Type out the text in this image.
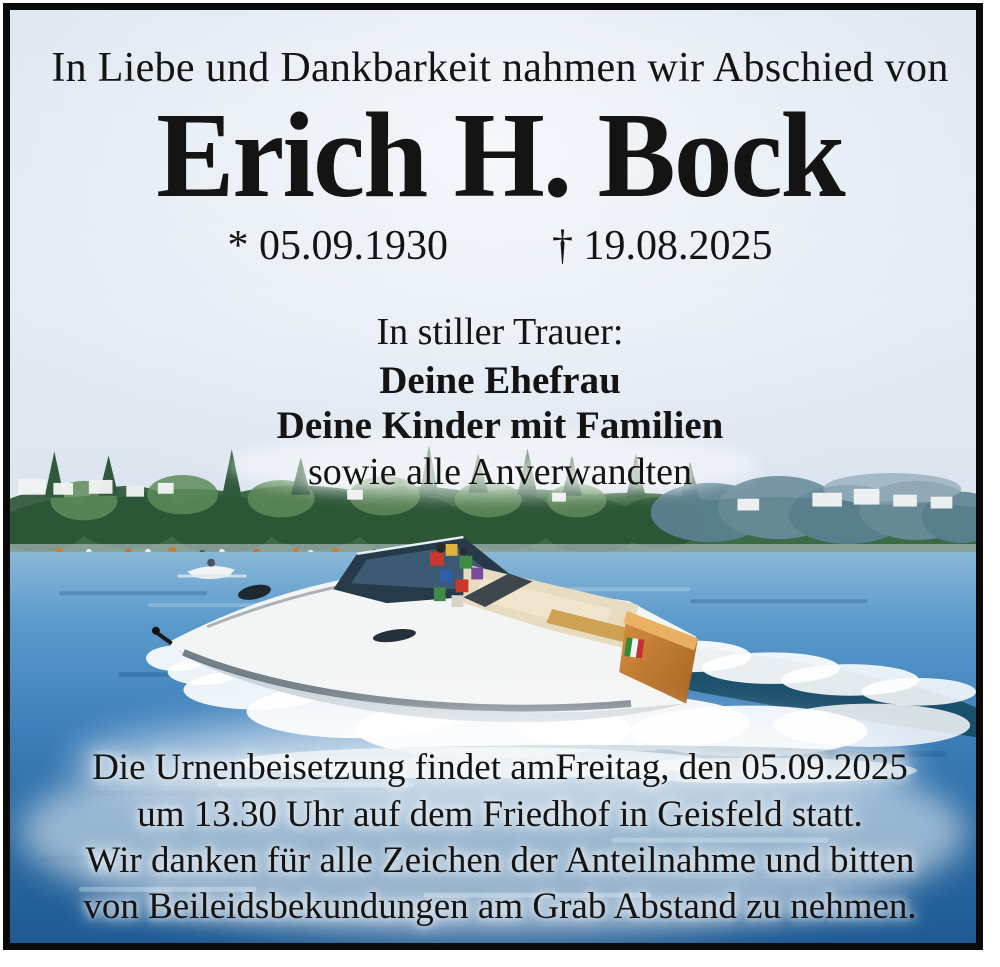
In Liebe und Dankbarkeit nahmen wir Abschied von
Erich H. Bock
* 05.09.1930 † 19.08.2025
In stiller Trauer:
Deine Ehefrau
Deine Kinder mit Familien
sowie alle Anverwandten
Die Urnenbeisetzung findet amFreitag, den 05.09.2025
um 13.30 Uhr auf dem Friedhof in Geisfeld statt.
Wir danken für alle Zeichen der Anteilnahme und bitten
von Beileidsbekundungen am Grab Abstand zu nehmen.
